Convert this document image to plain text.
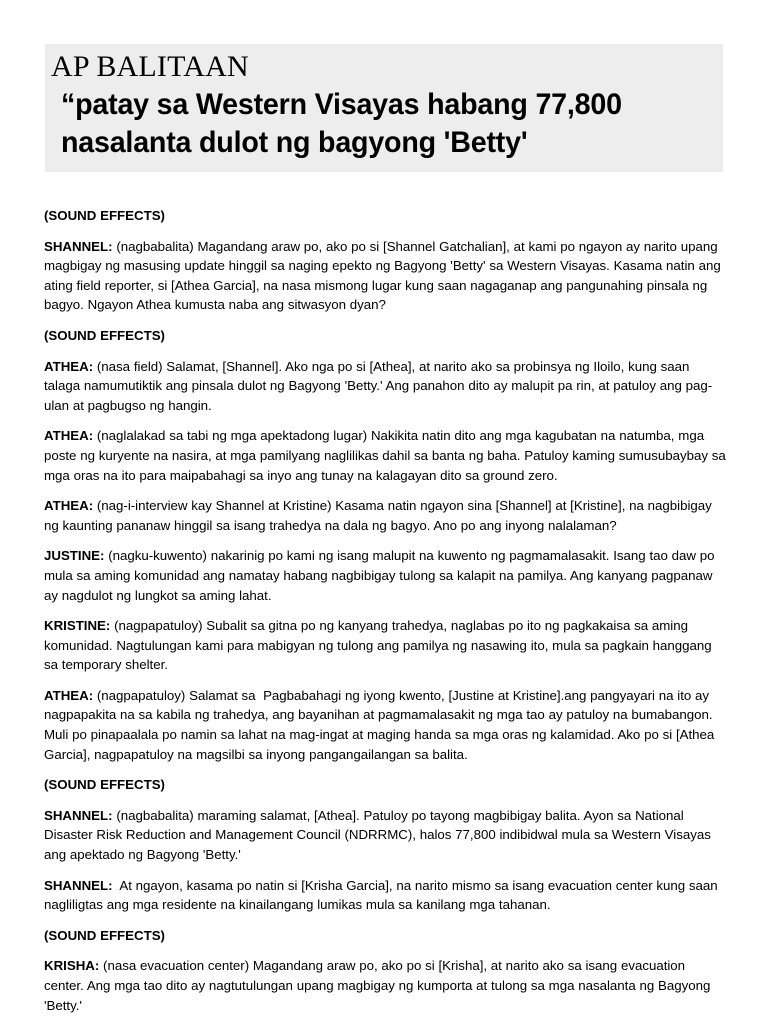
AP BALITAAN “patay sa Western Visayas habang 77,800 nasalanta dulot ng bagyong 'Betty'

(SOUND EFFECTS)

SHANNEL: (nagbabalita) Magandang araw po, ako po si [Shannel Gatchalian], at kami po ngayon ay narito upang magbigay ng masusing update hinggil sa naging epekto ng Bagyong 'Betty' sa Western Visayas. Kasama natin ang ating field reporter, si [Athea Garcia], na nasa mismong lugar kung saan nagaganap ang pangunahing pinsala ng bagyo. Ngayon Athea kumusta naba ang sitwasyon dyan?

(SOUND EFFECTS)

ATHEA: (nasa field) Salamat, [Shannel]. Ako nga po si [Athea], at narito ako sa probinsya ng Iloilo, kung saan talaga namumutiktik ang pinsala dulot ng Bagyong 'Betty.' Ang panahon dito ay malupit pa rin, at patuloy ang pag-ulan at pagbugso ng hangin.

ATHEA: (naglalakad sa tabi ng mga apektadong lugar) Nakikita natin dito ang mga kagubatan na natumba, mga poste ng kuryente na nasira, at mga pamilyang naglilikas dahil sa banta ng baha. Patuloy kaming sumusubaybay sa mga oras na ito para maipabahagi sa inyo ang tunay na kalagayan dito sa ground zero.

ATHEA: (nag-i-interview kay Shannel at Kristine) Kasama natin ngayon sina [Shannel] at [Kristine], na nagbibigay ng kaunting pananaw hinggil sa isang trahedya na dala ng bagyo. Ano po ang inyong nalalaman?

JUSTINE: (nagku-kuwento) nakarinig po kami ng isang malupit na kuwento ng pagmamalasakit. Isang tao daw po mula sa aming komunidad ang namatay habang nagbibigay tulong sa kalapit na pamilya. Ang kanyang pagpanaw ay nagdulot ng lungkot sa aming lahat.

KRISTINE: (nagpapatuloy) Subalit sa gitna po ng kanyang trahedya, naglabas po ito ng pagkakaisa sa aming komunidad. Nagtulungan kami para mabigyan ng tulong ang pamilya ng nasawing ito, mula sa pagkain hanggang sa temporary shelter.

ATHEA: (nagpapatuloy) Salamat sa  Pagbabahagi ng iyong kwento, [Justine at Kristine].ang pangyayari na ito ay nagpapakita na sa kabila ng trahedya, ang bayanihan at pagmamalasakit ng mga tao ay patuloy na bumabangon. Muli po pinapaalala po namin sa lahat na mag-ingat at maging handa sa mga oras ng kalamidad. Ako po si [Athea Garcia], nagpapatuloy na magsilbi sa inyong pangangailangan sa balita.

(SOUND EFFECTS)

SHANNEL: (nagbabalita) maraming salamat, [Athea]. Patuloy po tayong magbibigay balita. Ayon sa National Disaster Risk Reduction and Management Council (NDRRMC), halos 77,800 indibidwal mula sa Western Visayas ang apektado ng Bagyong 'Betty.'

SHANNEL:  At ngayon, kasama po natin si [Krisha Garcia], na narito mismo sa isang evacuation center kung saan nagliligtas ang mga residente na kinailangang lumikas mula sa kanilang mga tahanan.

(SOUND EFFECTS)

KRISHA: (nasa evacuation center) Magandang araw po, ako po si [Krisha], at narito ako sa isang evacuation center. Ang mga tao dito ay nagtutulungan upang magbigay ng kumporta at tulong sa mga nasalanta ng Bagyong 'Betty.'
